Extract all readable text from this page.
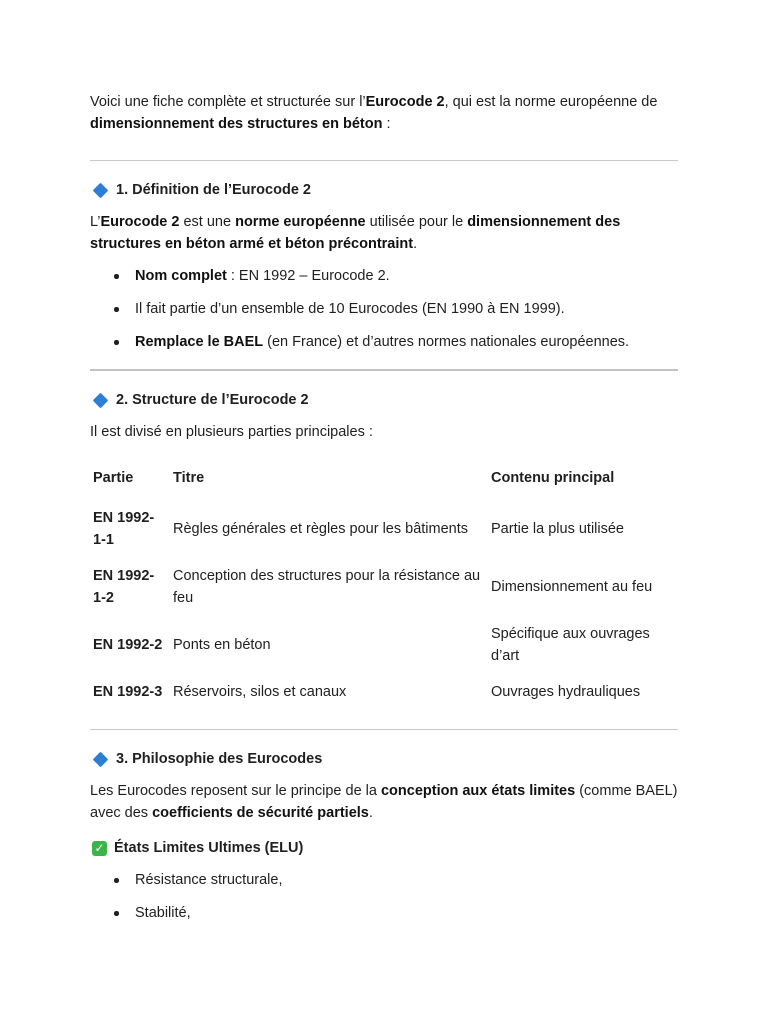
Voici une fiche complète et structurée sur l’Eurocode 2, qui est la norme européenne de dimensionnement des structures en béton :

1. Définition de l’Eurocode 2

L’Eurocode 2 est une norme européenne utilisée pour le dimensionnement des structures en béton armé et béton précontraint.

Nom complet : EN 1992 – Eurocode 2.
Il fait partie d’un ensemble de 10 Eurocodes (EN 1990 à EN 1999).
Remplace le BAEL (en France) et d’autres normes nationales européennes.
2. Structure de l’Eurocode 2

Il est divisé en plusieurs parties principales :

Partie	Titre	Contenu principal
EN 1992-1-1	Règles générales et règles pour les bâtiments	Partie la plus utilisée
EN 1992-1-2	Conception des structures pour la résistance au feu	Dimensionnement au feu
EN 1992-2	Ponts en béton	Spécifique aux ouvrages d’art
EN 1992-3	Réservoirs, silos et canaux	Ouvrages hydrauliques
3. Philosophie des Eurocodes

Les Eurocodes reposent sur le principe de la conception aux états limites (comme BAEL) avec des coefficients de sécurité partiels.

✓ États Limites Ultimes (ELU)
Résistance structurale,
Stabilité,
